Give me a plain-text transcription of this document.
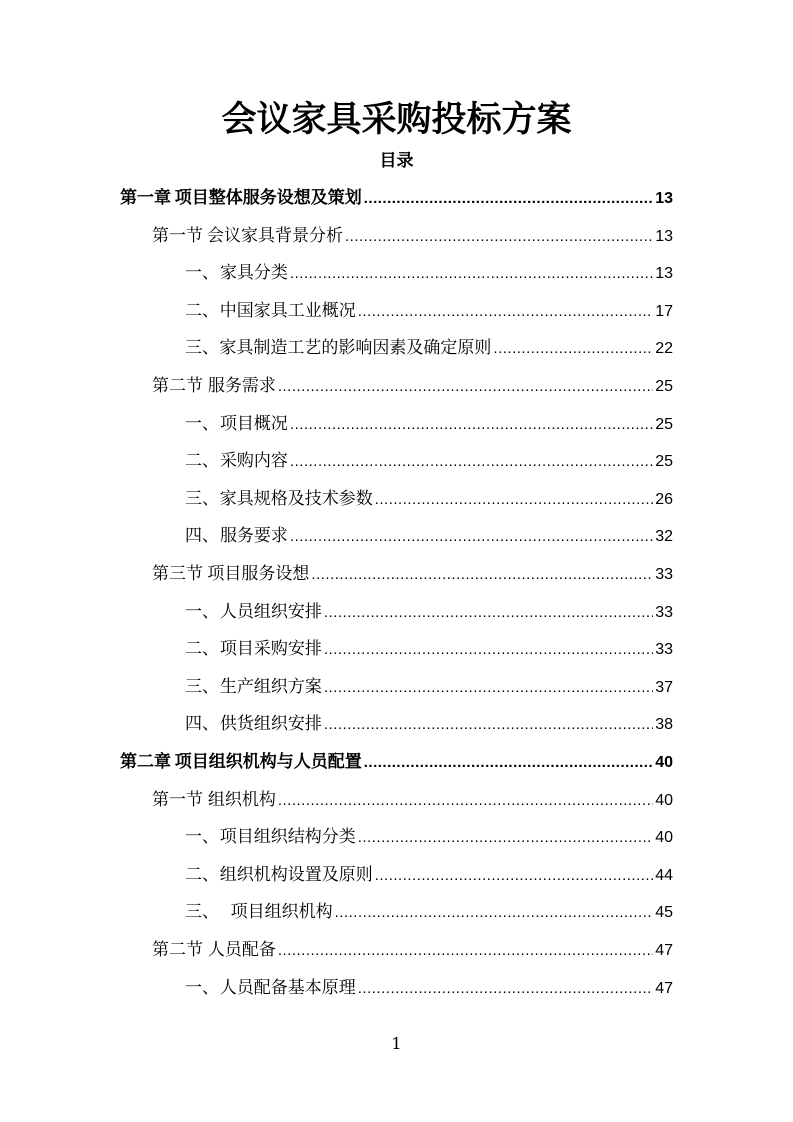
会议家具采购投标方案
目录
第一章 项目整体服务设想及策划 .....	13
第一节 会议家具背景分析 .....	13
一、 家具分类 .....	13
二、 中国家具工业概况 .....	17
三、 家具制造工艺的影响因素及确定原则 .....	22
第二节 服务需求 .....	25
一、 项目概况 .....	25
二、 采购内容 .....	25
三、 家具规格及技术参数 .....	26
四、 服务要求 .....	32
第三节 项目服务设想 .....	33
一、 人员组织安排 .....	33
二、 项目采购安排 .....	33
三、 生产组织方案 .....	37
四、 供货组织安排 .....	38
第二章 项目组织机构与人员配置 .....	40
第一节 组织机构 .....	40
一、 项目组织结构分类 .....	40
二、 组织机构设置及原则 .....	44
三、 项目组织机构 .....	45
第二节 人员配备 .....	47
一、 人员配备基本原理 .....	47
1
